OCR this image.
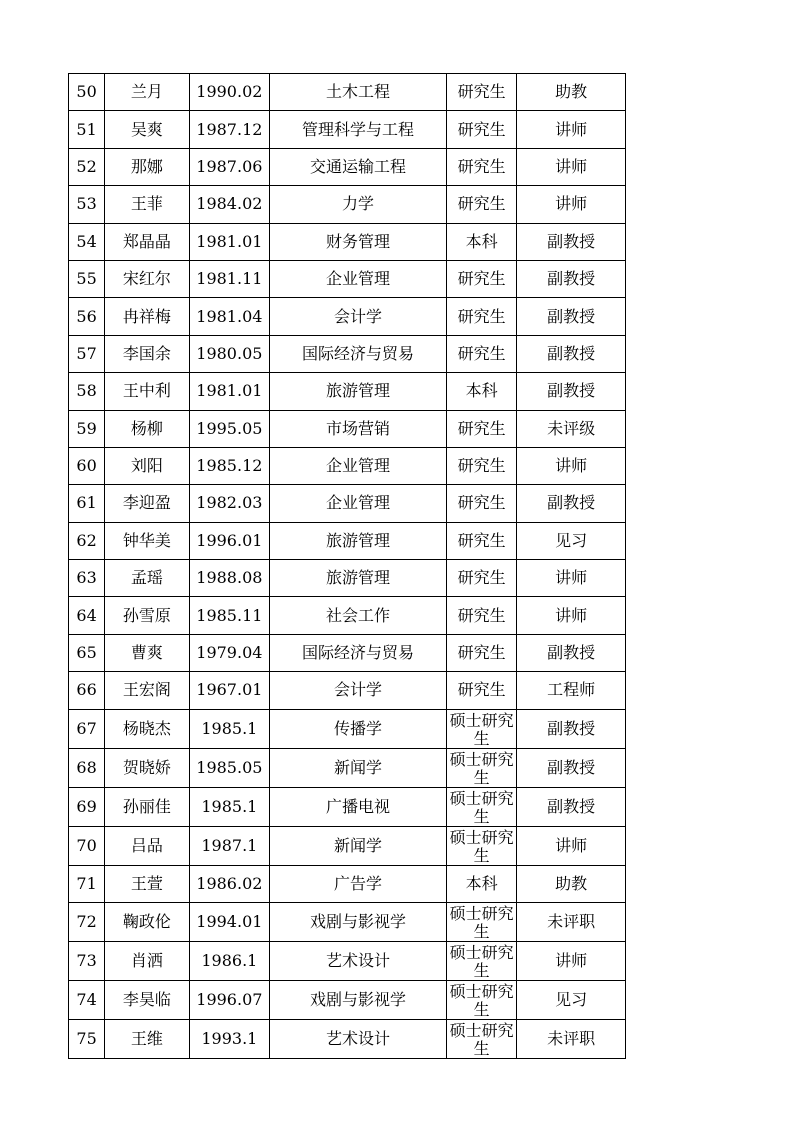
50	兰月	1990.02	土木工程	研究生	助教

51	吴爽	1987.12	管理科学与工程	研究生	讲师

52	那娜	1987.06	交通运输工程	研究生	讲师

53	王菲	1984.02	力学	研究生	讲师

54	郑晶晶	1981.01	财务管理	本科	副教授

55	宋红尔	1981.11	企业管理	研究生	副教授

56	冉祥梅	1981.04	会计学	研究生	副教授

57	李国余	1980.05	国际经济与贸易	研究生	副教授

58	王中利	1981.01	旅游管理	本科	副教授

59	杨柳	1995.05	市场营销	研究生	未评级

60	刘阳	1985.12	企业管理	研究生	讲师

61	李迎盈	1982.03	企业管理	研究生	副教授

62	钟华美	1996.01	旅游管理	研究生	见习

63	孟瑶	1988.08	旅游管理	研究生	讲师

64	孙雪原	1985.11	社会工作	研究生	讲师

65	曹爽	1979.04	国际经济与贸易	研究生	副教授

66	王宏阁	1967.01	会计学	研究生	工程师

67	杨晓杰	1985.1	传播学	硕士研究生	副教授

68	贺晓娇	1985.05	新闻学	硕士研究生	副教授

69	孙丽佳	1985.1	广播电视	硕士研究生	副教授

70	吕品	1987.1	新闻学	硕士研究生	讲师

71	王萱	1986.02	广告学	本科	助教

72	鞠政伦	1994.01	戏剧与影视学	硕士研究生	未评职

73	肖洒	1986.1	艺术设计	硕士研究生	讲师

74	李昊临	1996.07	戏剧与影视学	硕士研究生	见习

75	王维	1993.1	艺术设计	硕士研究生	未评职
